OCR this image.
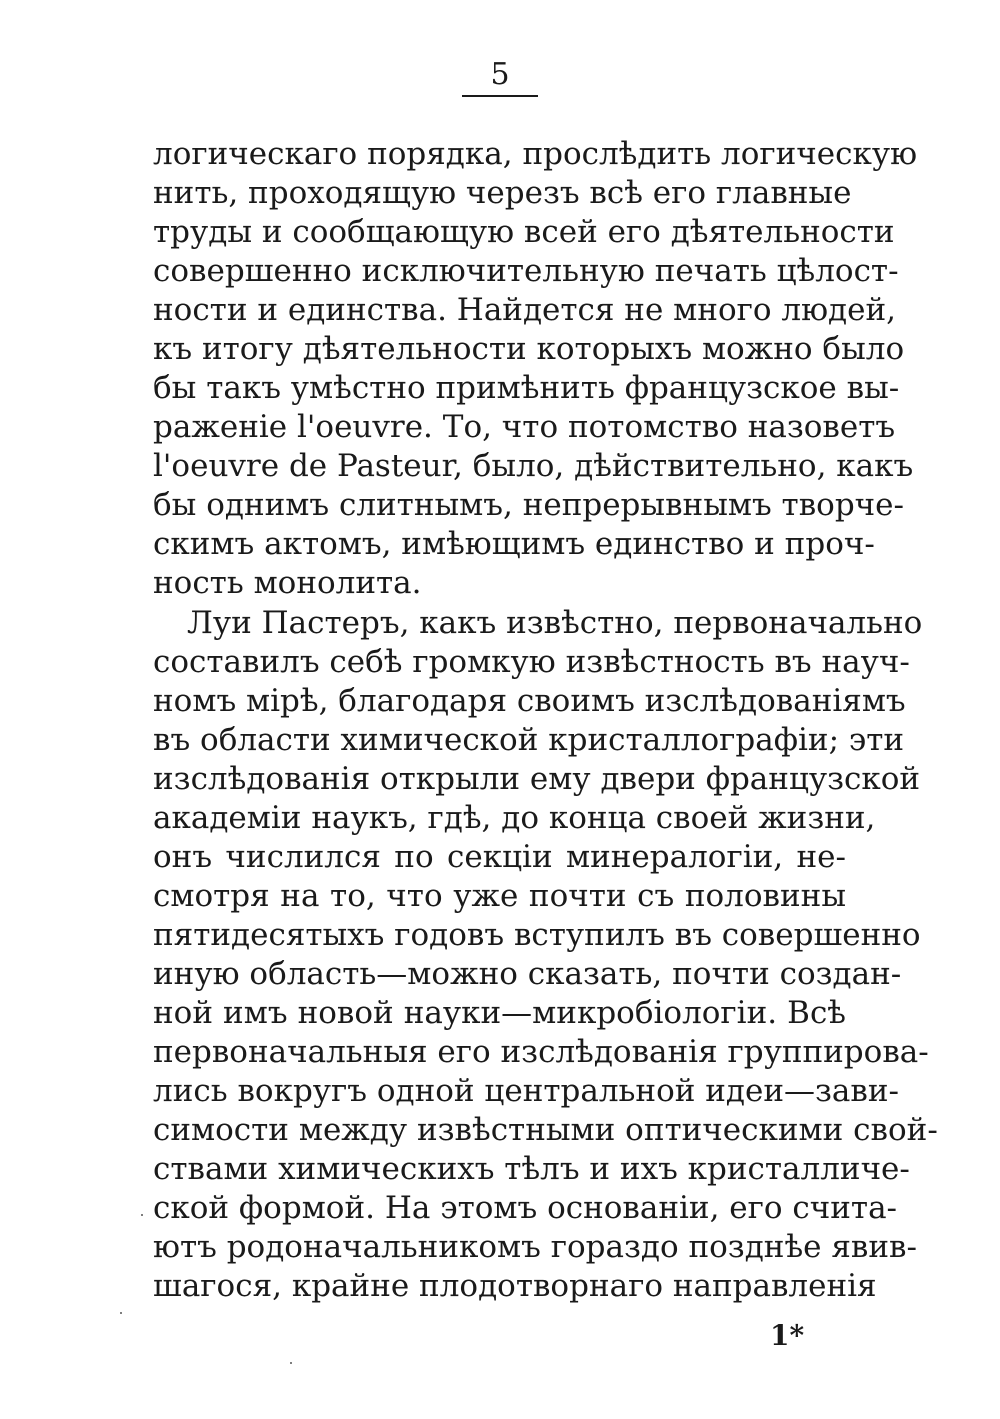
5
логическаго порядка, прослѣдить логическую
нить, проходящую черезъ всѣ его главные
труды и сообщающую всей его дѣятельности
совершенно исключительную печать цѣлост-
ности и единства. Найдется не много людей,
къ итогу дѣятельности которыхъ можно было
бы такъ умѣстно примѣнить французское вы-
раженіе l'oeuvre. То, что потомство назоветъ
l'oeuvre de Pasteur, было, дѣйствительно, какъ
бы однимъ слитнымъ, непрерывнымъ творче-
скимъ актомъ, имѣющимъ единство и проч-
ность монолита.
Луи Пастеръ, какъ извѣстно, первоначально
составилъ себѣ громкую извѣстность въ науч-
номъ мірѣ, благодаря своимъ изслѣдованіямъ
въ области химической кристаллографіи; эти
изслѣдованія открыли ему двери французской
академіи наукъ, гдѣ, до конца своей жизни,
онъ числился по секціи минералогіи, не-
смотря на то, что уже почти съ половины
пятидесятыхъ годовъ вступилъ въ совершенно
иную область—можно сказать, почти создан-
ной имъ новой науки—микробіологіи. Всѣ
первоначальныя его изслѣдованія группирова-
лись вокругъ одной центральной идеи—зави-
симости между извѣстными оптическими свой-
ствами химическихъ тѣлъ и ихъ кристалличе-
ской формой. На этомъ основаніи, его счита-
ютъ родоначальникомъ гораздо позднѣе явив-
шагося, крайне плодотворнаго направленія
1*
